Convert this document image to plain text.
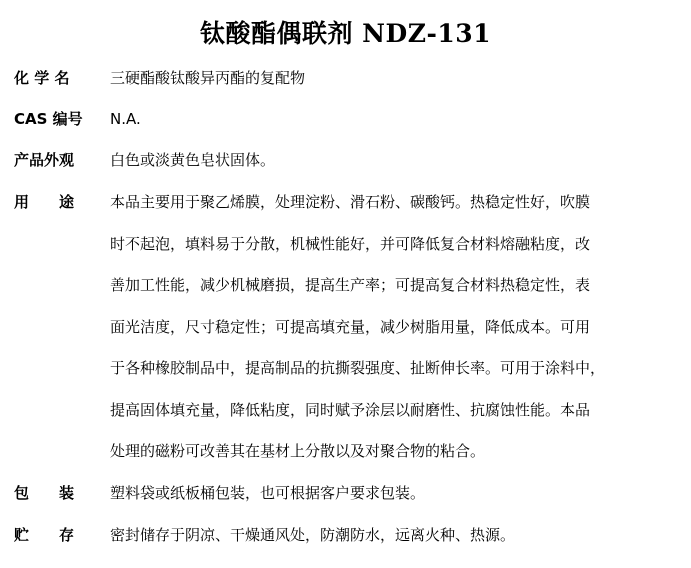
钛酸酯偶联剂 NDZ-131
化 学 名	三硬酯酸钛酸异丙酯的复配物
CAS 编号 N.A.
产品外观 白色或淡黄色皂状固体。
用　　途 本品主要用于聚乙烯膜，处理淀粉、滑石粉、碳酸钙。热稳定性好，吹膜
时不起泡，填料易于分散，机械性能好，并可降低复合材料熔融粘度，改
善加工性能，减少机械磨损，提高生产率；可提高复合材料热稳定性，表
面光洁度，尺寸稳定性；可提高填充量，减少树脂用量，降低成本。可用
于各种橡胶制品中，提高制品的抗撕裂强度、扯断伸长率。可用于涂料中，
提高固体填充量，降低粘度，同时赋予涂层以耐磨性、抗腐蚀性能。本品
处理的磁粉可改善其在基材上分散以及对聚合物的粘合。
包　　装 塑料袋或纸板桶包装，也可根据客户要求包装。
贮　　存 密封储存于阴凉、干燥通风处，防潮防水，远离火种、热源。
